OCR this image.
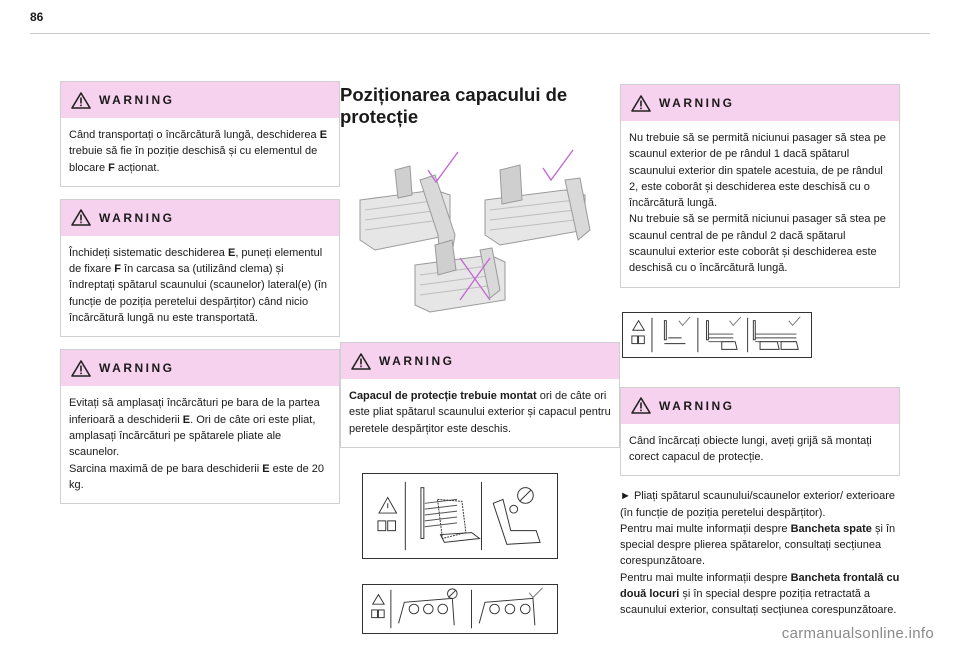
86
WARNING
Când transportați o încărcătură lungă, deschiderea E trebuie să fie în poziție deschisă și cu elementul de blocare F acționat.
WARNING
Închideți sistematic deschiderea E, puneți elementul de fixare F în carcasa sa (utilizând clema) și îndreptați spătarul scaunului (scaunelor) lateral(e) (în funcție de poziția peretelui despărțitor) când nicio încărcătură lungă nu este transportată.
WARNING
Evitați să amplasați încărcături pe bara de la partea inferioară a deschiderii E. Ori de câte ori este pliat, amplasați încărcături pe spătarele pliate ale scaunelor.
Sarcina maximă de pe bara deschiderii E este de 20 kg.
Poziționarea capacului de protecție
WARNING
Capacul de protecție trebuie montat ori de câte ori este pliat spătarul scaunului exterior și capacul pentru peretele despărțitor este deschis.

WARNING
Nu trebuie să se permită niciunui pasager să stea pe scaunul exterior de pe rândul 1 dacă spătarul scaunului exterior din spatele acestuia, de pe rândul 2, este coborât și deschiderea este deschisă cu o încărcătură lungă.
Nu trebuie să se permită niciunui pasager să stea pe scaunul central de pe rândul 2 dacă spătarul scaunului exterior este coborât și deschiderea este deschisă cu o încărcătură lungă.
WARNING
Când încărcați obiecte lungi, aveți grijă să montați corect capacul de protecție.

► Pliați spătarul scaunului/scaunelor exterior/ exterioare (în funcție de poziția peretelui despărțitor).

Pentru mai multe informații despre Bancheta spate și în special despre plierea spătarelor, consultați secțiunea corespunzătoare.

Pentru mai multe informații despre Bancheta frontală cu două locuri și în special despre poziția retractată a scaunului exterior, consultați secțiunea corespunzătoare.

carmanualsonline.info
